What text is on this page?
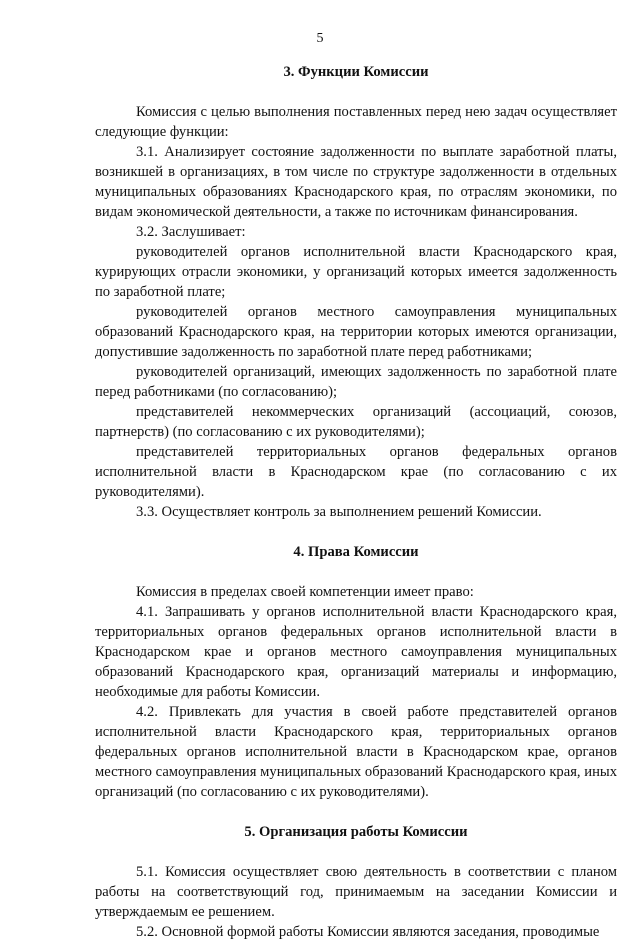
5

3. Функции Комиссии

Комиссия с целью выполнения поставленных перед нею задач осуществляет следующие функции:

3.1. Анализирует состояние задолженности по выплате заработной платы, возникшей в организациях, в том числе по структуре задолженности в отдельных муниципальных образованиях Краснодарского края, по отраслям экономики, по видам экономической деятельности, а также по источникам финансирования.

3.2. Заслушивает:

руководителей органов исполнительной власти Краснодарского края, курирующих отрасли экономики, у организаций которых имеется задолженность по заработной плате;

руководителей органов местного самоуправления муниципальных образований Краснодарского края, на территории которых имеются организации, допустившие задолженность по заработной плате перед работниками;

руководителей организаций, имеющих задолженность по заработной плате перед работниками (по согласованию);

представителей некоммерческих организаций (ассоциаций, союзов, партнерств) (по согласованию с их руководителями);

представителей территориальных органов федеральных органов исполнительной власти в Краснодарском крае (по согласованию с их руководителями).

3.3. Осуществляет контроль за выполнением решений Комиссии.

4. Права Комиссии

Комиссия в пределах своей компетенции имеет право:

4.1. Запрашивать у органов исполнительной власти Краснодарского края, территориальных органов федеральных органов исполнительной власти в Краснодарском крае и органов местного самоуправления муниципальных образований Краснодарского края, организаций материалы и информацию, необходимые для работы Комиссии.

4.2. Привлекать для участия в своей работе представителей органов исполнительной власти Краснодарского края, территориальных органов федеральных органов исполнительной власти в Краснодарском крае, органов местного самоуправления муниципальных образований Краснодарского края, иных организаций (по согласованию с их руководителями).

5. Организация работы Комиссии

5.1. Комиссия осуществляет свою деятельность в соответствии с планом работы на соответствующий год, принимаемым на заседании Комиссии и утверждаемым ее решением.

5.2. Основной формой работы Комиссии являются заседания, проводимые
